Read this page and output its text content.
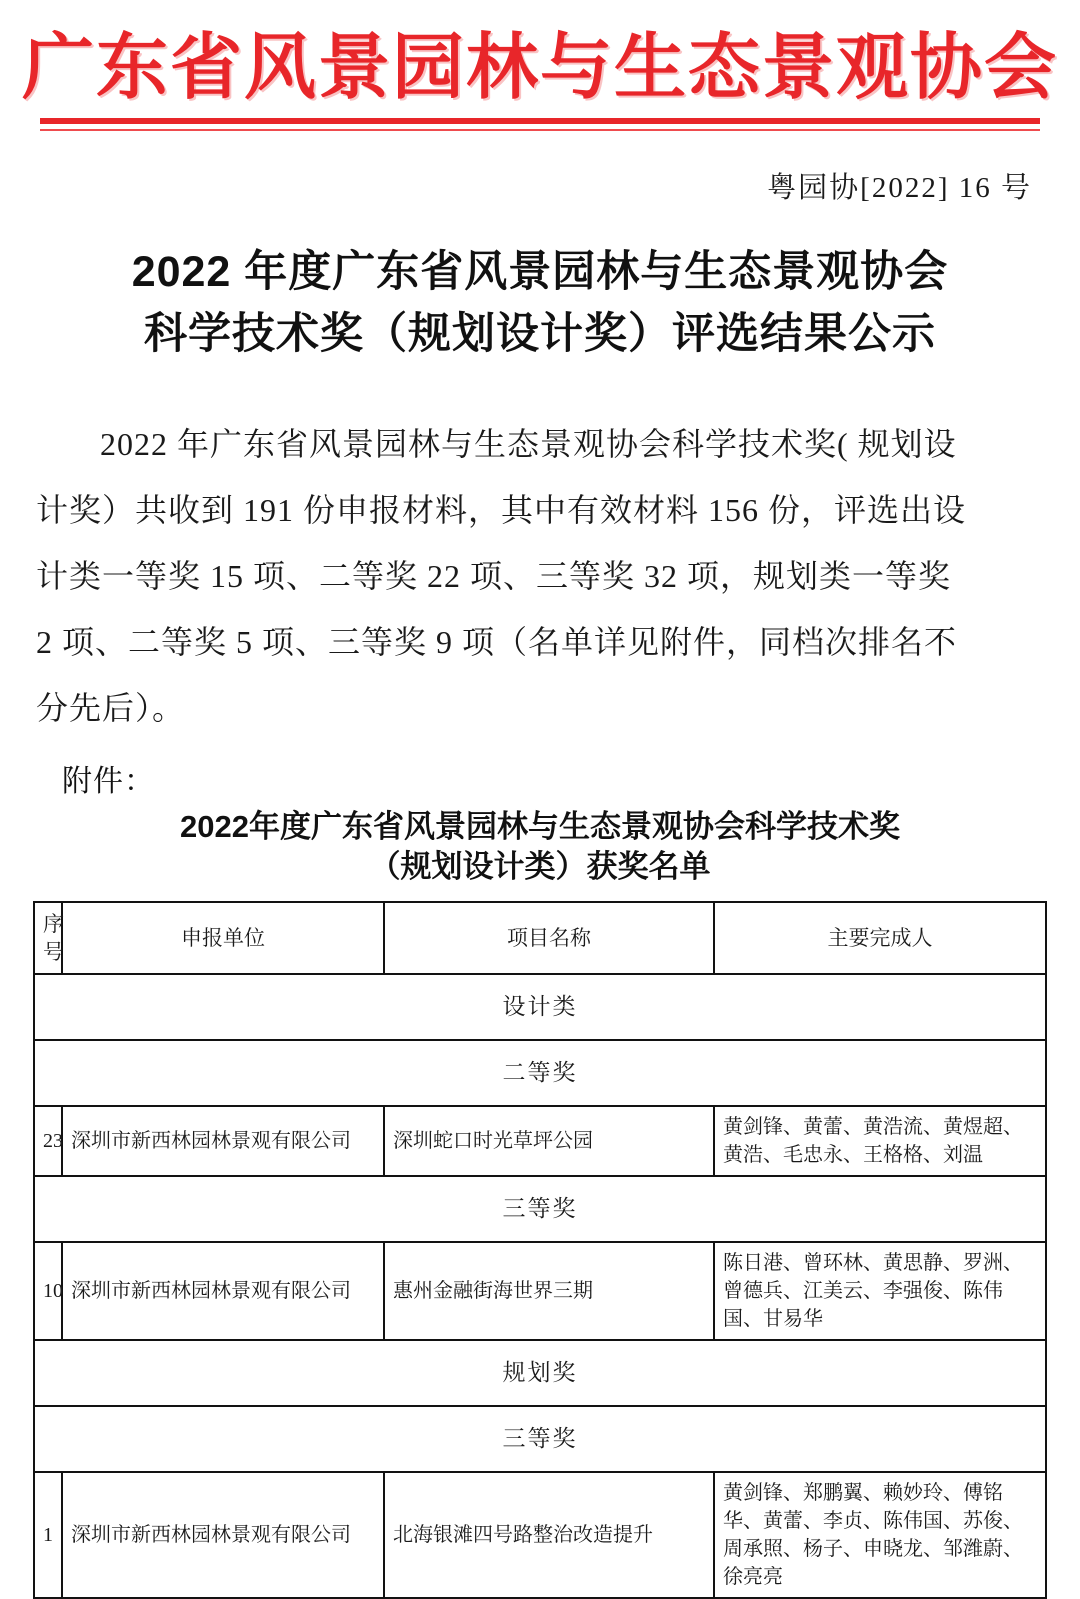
广东省风景园林与生态景观协会
粤园协[2022] 16 号
2022 年度广东省风景园林与生态景观协会
科学技术奖（规划设计奖）评选结果公示
2022 年广东省风景园林与生态景观协会科学技术奖( 规划设
计奖）共收到 191 份申报材料，其中有效材料 156 份，评选出设
计类一等奖 15 项、二等奖 22 项、三等奖 32 项，规划类一等奖
2 项、二等奖 5 项、三等奖 9 项（名单详见附件，同档次排名不
分先后）。
附件：
2022年度广东省风景园林与生态景观协会科学技术奖
（规划设计类）获奖名单
序号	申报单位	项目名称	主要完成人
设计类			
二等奖			
23	深圳市新西林园林景观有限公司	深圳蛇口时光草坪公园	黄剑锋、黄蕾、黄浩流、黄煜超、黄浩、毛忠永、王格格、刘温
三等奖			
10	深圳市新西林园林景观有限公司	惠州金融街海世界三期	陈日港、曾环林、黄思静、罗洲、曾德兵、江美云、李强俊、陈伟国、甘易华
规划奖			
三等奖			
1	深圳市新西林园林景观有限公司	北海银滩四号路整治改造提升	黄剑锋、郑鹏翼、赖妙玲、傅铭华、黄蕾、李贞、陈伟国、苏俊、周承照、杨子、申晓龙、邹潍蔚、徐亮亮
